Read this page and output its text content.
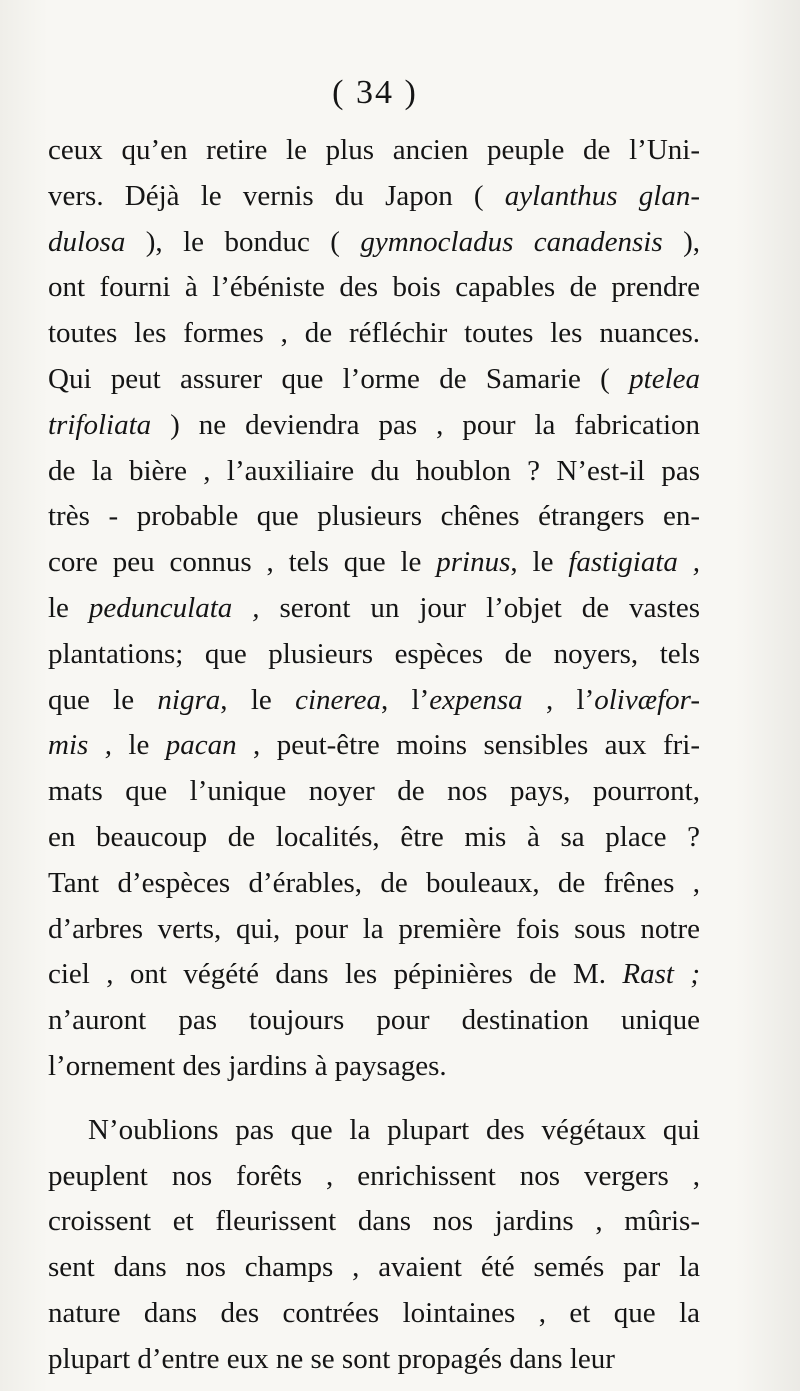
( 34 )
ceux qu’en retire le plus ancien peuple de l’Uni-
vers. Déjà le vernis du Japon ( aylanthus glan-
dulosa ), le bonduc ( gymnocladus canadensis ),
ont fourni à l’ébéniste des bois capables de prendre
toutes les formes , de réfléchir toutes les nuances.
Qui peut assurer que l’orme de Samarie ( ptelea
trifoliata ) ne deviendra pas , pour la fabrication
de la bière , l’auxiliaire du houblon ? N’est-il pas
très - probable que plusieurs chênes étrangers en-
core peu connus , tels que le prinus, le fastigiata ,
le pedunculata , seront un jour l’objet de vastes
plantations; que plusieurs espèces de noyers, tels
que le nigra, le cinerea, l’expensa , l’olivæfor-
mis , le pacan , peut-être moins sensibles aux fri-
mats que l’unique noyer de nos pays, pourront,
en beaucoup de localités, être mis à sa place ?
Tant d’espèces d’érables, de bouleaux, de frênes ,
d’arbres verts, qui, pour la première fois sous notre
ciel , ont végété dans les pépinières de M. Rast ;
n’auront pas toujours pour destination unique
l’ornement des jardins à paysages.
N’oublions pas que la plupart des végétaux qui
peuplent nos forêts , enrichissent nos vergers ,
croissent et fleurissent dans nos jardins , mûris-
sent dans nos champs , avaient été semés par la
nature dans des contrées lointaines , et que la
plupart d’entre eux ne se sont propagés dans leur
